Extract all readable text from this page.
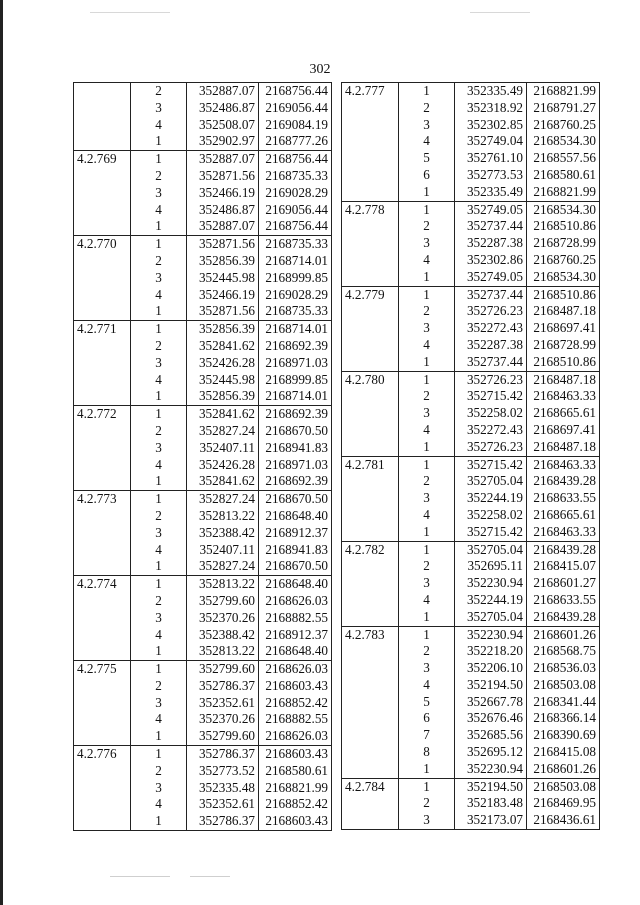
302
	2	352887.07	2168756.44
	3	352486.87	2169056.44
	4	352508.07	2169084.19
	1	352902.97	2168777.26
4.2.769	1	352887.07	2168756.44
	2	352871.56	2168735.33
	3	352466.19	2169028.29
	4	352486.87	2169056.44
	1	352887.07	2168756.44
4.2.770	1	352871.56	2168735.33
	2	352856.39	2168714.01
	3	352445.98	2168999.85
	4	352466.19	2169028.29
	1	352871.56	2168735.33
4.2.771	1	352856.39	2168714.01
	2	352841.62	2168692.39
	3	352426.28	2168971.03
	4	352445.98	2168999.85
	1	352856.39	2168714.01
4.2.772	1	352841.62	2168692.39
	2	352827.24	2168670.50
	3	352407.11	2168941.83
	4	352426.28	2168971.03
	1	352841.62	2168692.39
4.2.773	1	352827.24	2168670.50
	2	352813.22	2168648.40
	3	352388.42	2168912.37
	4	352407.11	2168941.83
	1	352827.24	2168670.50
4.2.774	1	352813.22	2168648.40
	2	352799.60	2168626.03
	3	352370.26	2168882.55
	4	352388.42	2168912.37
	1	352813.22	2168648.40
4.2.775	1	352799.60	2168626.03
	2	352786.37	2168603.43
	3	352352.61	2168852.42
	4	352370.26	2168882.55
	1	352799.60	2168626.03
4.2.776	1	352786.37	2168603.43
	2	352773.52	2168580.61
	3	352335.48	2168821.99
	4	352352.61	2168852.42
	1	352786.37	2168603.43
4.2.777	1	352335.49	2168821.99
	2	352318.92	2168791.27
	3	352302.85	2168760.25
	4	352749.04	2168534.30
	5	352761.10	2168557.56
	6	352773.53	2168580.61
	1	352335.49	2168821.99
4.2.778	1	352749.05	2168534.30
	2	352737.44	2168510.86
	3	352287.38	2168728.99
	4	352302.86	2168760.25
	1	352749.05	2168534.30
4.2.779	1	352737.44	2168510.86
	2	352726.23	2168487.18
	3	352272.43	2168697.41
	4	352287.38	2168728.99
	1	352737.44	2168510.86
4.2.780	1	352726.23	2168487.18
	2	352715.42	2168463.33
	3	352258.02	2168665.61
	4	352272.43	2168697.41
	1	352726.23	2168487.18
4.2.781	1	352715.42	2168463.33
	2	352705.04	2168439.28
	3	352244.19	2168633.55
	4	352258.02	2168665.61
	1	352715.42	2168463.33
4.2.782	1	352705.04	2168439.28
	2	352695.11	2168415.07
	3	352230.94	2168601.27
	4	352244.19	2168633.55
	1	352705.04	2168439.28
4.2.783	1	352230.94	2168601.26
	2	352218.20	2168568.75
	3	352206.10	2168536.03
	4	352194.50	2168503.08
	5	352667.78	2168341.44
	6	352676.46	2168366.14
	7	352685.56	2168390.69
	8	352695.12	2168415.08
	1	352230.94	2168601.26
4.2.784	1	352194.50	2168503.08
	2	352183.48	2168469.95
	3	352173.07	2168436.61
